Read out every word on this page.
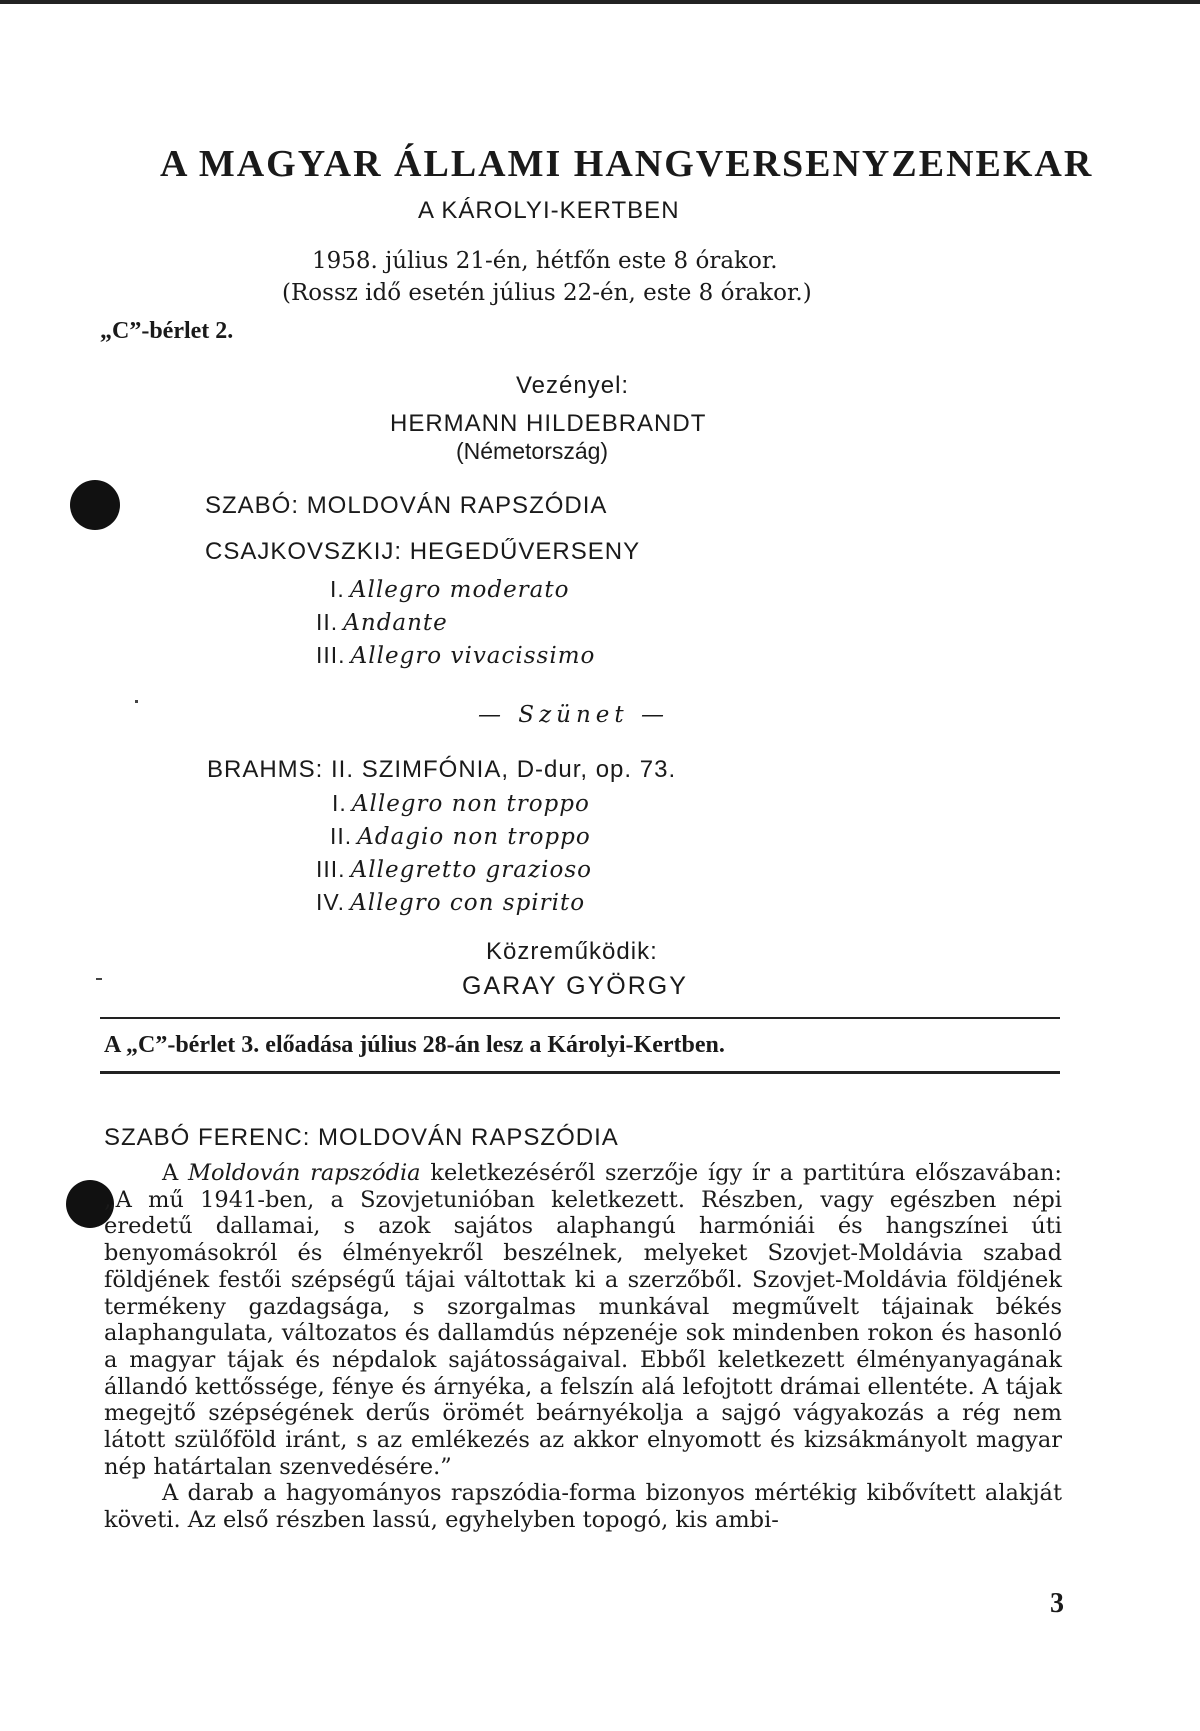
A MAGYAR ÁLLAMI HANGVERSENYZENEKAR
A KÁROLYI-KERTBEN
1958. július 21-én, hétfőn este 8 órakor.
(Rossz idő esetén július 22-én, este 8 órakor.)
„C”-bérlet 2.
Vezényel:
HERMANN HILDEBRANDT
(Németország)
SZABÓ: MOLDOVÁN RAPSZÓDIA
CSAJKOVSZKIJ: HEGEDŰVERSENY
I. Allegro moderato
II. Andante
III. Allegro vivacissimo
— Szünet —
BRAHMS: II. SZIMFÓNIA, D-dur, op. 73.
I. Allegro non troppo
II. Adagio non troppo
III. Allegretto grazioso
IV. Allegro con spirito
Közreműködik:
GARAY GYÖRGY
A „C”-bérlet 3. előadása július 28-án lesz a Károlyi-Kertben.
SZABÓ FERENC: MOLDOVÁN RAPSZÓDIA

A Moldován rapszódia keletkezéséről szerzője így ír a partitúra előszavában: „A mű 1941-ben, a Szovjetunióban keletkezett. Részben, vagy egészben népi eredetű dallamai, s azok sajátos alaphangú harmóniái és hangszínei úti benyomásokról és élményekről beszélnek, melyeket Szovjet-Moldávia szabad földjének festői szépségű tájai váltottak ki a szerzőből. Szovjet-Moldávia földjének termékeny gazdagsága, s szorgalmas munkával megművelt tájainak békés alaphangulata, változatos és dallamdús népzenéje sok mindenben rokon és hasonló a magyar tájak és népdalok sajátosságaival. Ebből keletkezett élményanyagának állandó kettőssége, fénye és árnyéka, a felszín alá lefojtott drámai ellentéte. A tájak megejtő szépségének derűs örömét beárnyékolja a sajgó vágyakozás a rég nem látott szülőföld iránt, s az emlékezés az akkor elnyomott és kizsákmányolt magyar nép határtalan szenvedésére.”

A darab a hagyományos rapszódia-forma bizonyos mértékig kibővített alakját követi. Az első részben lassú, egyhelyben topogó, kis ambi-

3
